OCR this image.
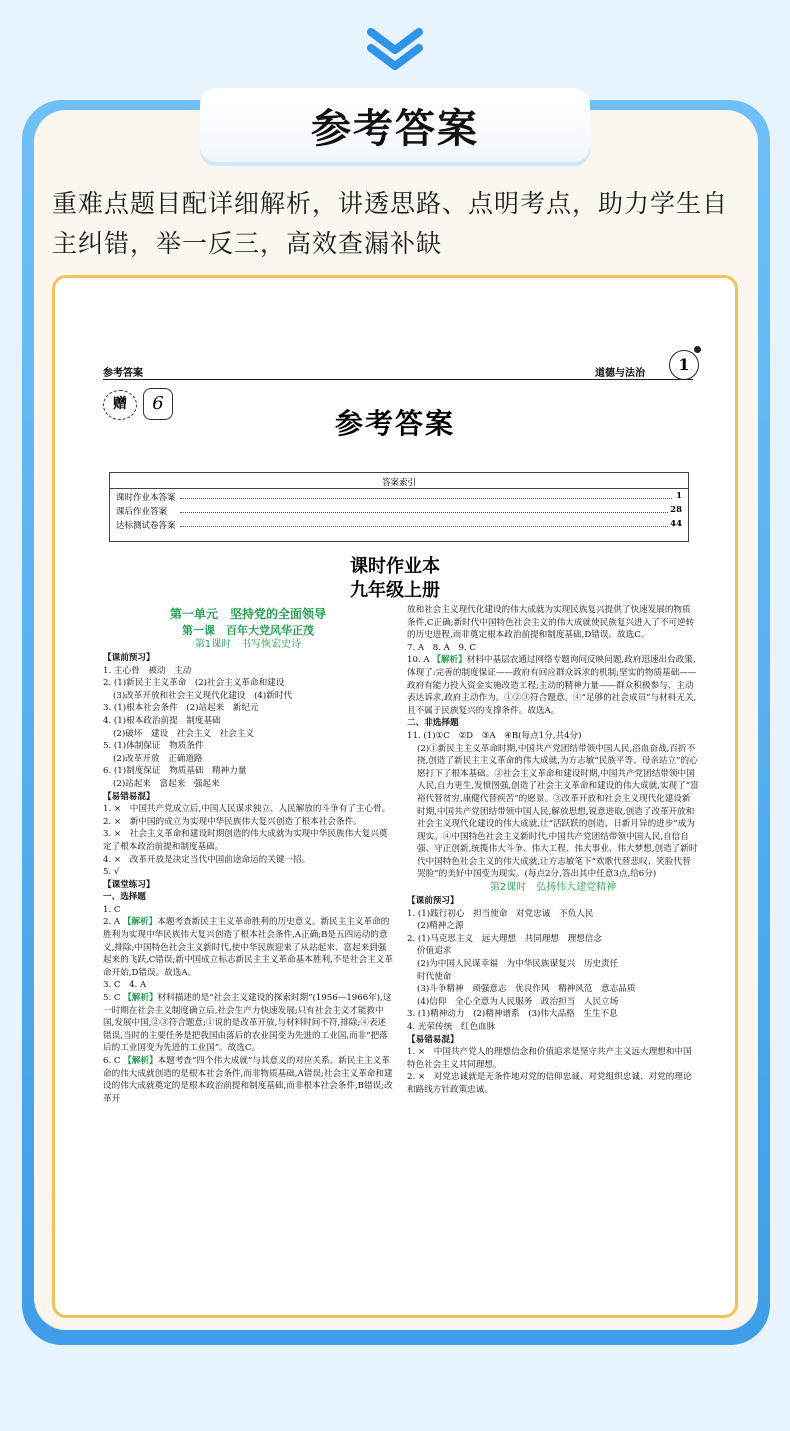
参考答案
重难点题目配详细解析，讲透思路、点明考点，助力学生自主纠错，举一反三，高效查漏补缺
参考答案	道德与法治	1
赠	6
参考答案
答案索引
课时作业本答案	1
课后作业答案	28
达标测试卷答案	44
课时作业本
九年级上册

第一单元　坚持党的全面领导

第一课　百年大党风华正茂

第1课时　书写恢宏史诗

【课前预习】

1. 主心骨　被动　主动

2. (1)新民主主义革命　(2)社会主义革命和建设

(3)改革开放和社会主义现代化建设　(4)新时代

3. (1)根本社会条件　(2)站起来　新纪元

4. (1)根本政治前提　制度基础

(2)破坏　建设　社会主义　社会主义

5. (1)体制保证　物质条件

(2)改革开放　正确道路

6. (1)制度保证　物质基础　精神力量

(2)站起来　富起来　强起来

【易错易混】

1. ×　中国共产党成立后,中国人民谋求独立、人民解放的斗争有了主心骨。

2. ×　新中国的成立为实现中华民族伟大复兴创造了根本社会条件。

3. ×　社会主义革命和建设时期创造的伟大成就为实现中华民族伟大复兴奠定了根本政治前提和制度基础。

4. ×　改革开放是决定当代中国前途命运的关键一招。

5. √

【课堂练习】

一、选择题

1. C

2. A 【解析】本题考查新民主主义革命胜利的历史意义。新民主主义革命的胜利为实现中华民族伟大复兴创造了根本社会条件,A正确;B是五四运动的意义,排除;中国特色社会主义新时代,使中华民族迎来了从站起来、富起来到强起来的飞跃,C错误;新中国成立标志新民主主义革命基本胜利,不是社会主义革命开始,D错误。故选A。

3. C　4. A

5. C 【解析】材料描述的是“社会主义建设的探索时期”(1956—1966年),这一时期在社会主义制度确立后,社会生产力快速发展;只有社会主义才能救中国,发展中国,②③符合题意;①说的是改革开放,与材料时间不符,排除;④表述错误,当时的主要任务是把我国由落后的农业国变为先进的工业国,而非“把落后的工业国变为先进的工业国”。故选C。

6. C 【解析】本题考查“四个伟大成就”与其意义的对应关系。新民主主义革命的伟大成就创造的是根本社会条件,而非物质基础,A错误;社会主义革命和建设的伟大成就奠定的是根本政治前提和制度基础,而非根本社会条件,B错误;改革开

放和社会主义现代化建设的伟大成就为实现民族复兴提供了快速发展的物质条件,C正确;新时代中国特色社会主义的伟大成就使民族复兴进入了不可逆转的历史进程,而非奠定根本政治前提和制度基础,D错误。故选C。

7. A　8. A　9. C

10. A 【解析】材料中基层农通过网络专题询问反映问题,政府迅速出台政策,体现了:完善的制度保证——政府有回应群众诉求的机制;坚实的物质基础——政府有能力投入资金实施改造工程;主动的精神力量——群众积极参与、主动表达诉求,政府主动作为。①②③符合题意。④“足够的社会成员”与材料无关,且不属于民族复兴的支撑条件。故选A。

二、非选择题

11. (1)①C　②D　③A　④B(每点1分,共4分)

(2)①新民主主义革命时期,中国共产党团结带领中国人民,浴血奋战,百折不挠,创造了新民主主义革命的伟大成就,为方志敏“民族平等、母亲站立”的心愿打下了根本基础。②社会主义革命和建设时期,中国共产党团结带领中国人民,自力更生,发愤图强,创造了社会主义革命和建设的伟大成就,实现了“富裕代替贫穷,康健代替疾苦”的愿景。③改革开放和社会主义现代化建设新时期,中国共产党团结带领中国人民,解放思想,锐意进取,创造了改革开放和社会主义现代化建设的伟大成就,让“活跃跃的创造、日新月异的进步”成为现实。④中国特色社会主义新时代,中国共产党团结带领中国人民,自信自强、守正创新,统揽伟大斗争、伟大工程、伟大事业、伟大梦想,创造了新时代中国特色社会主义的伟大成就,让方志敏笔下“欢歌代替悲叹、笑脸代替哭脸”的美好中国变为现实。(每点2分,答出其中任意3点,给6分)

第2课时　弘扬伟大建党精神

【课前预习】

1. (1)践行初心　担当使命　对党忠诚　不负人民

(2)精神之源

2. (1)马克思主义　远大理想　共同理想　理想信念

价值追求

(2)为中国人民谋幸福　为中华民族谋复兴　历史责任

时代使命

(3)斗争精神　顽强意志　优良作风　精神风范　意志品质

(4)信仰　全心全意为人民服务　政治担当　人民立场

3. (1)精神动力　(2)精神谱系　(3)伟大品格　生生不息

4. 光荣传统　红色血脉

【易错易混】

1. ×　中国共产党人的理想信念和价值追求是坚守共产主义远大理想和中国特色社会主义共同理想。

2. ×　对党忠诚就是无条件地对党的信仰忠诚、对党组织忠诚、对党的理论和路线方针政策忠诚。
